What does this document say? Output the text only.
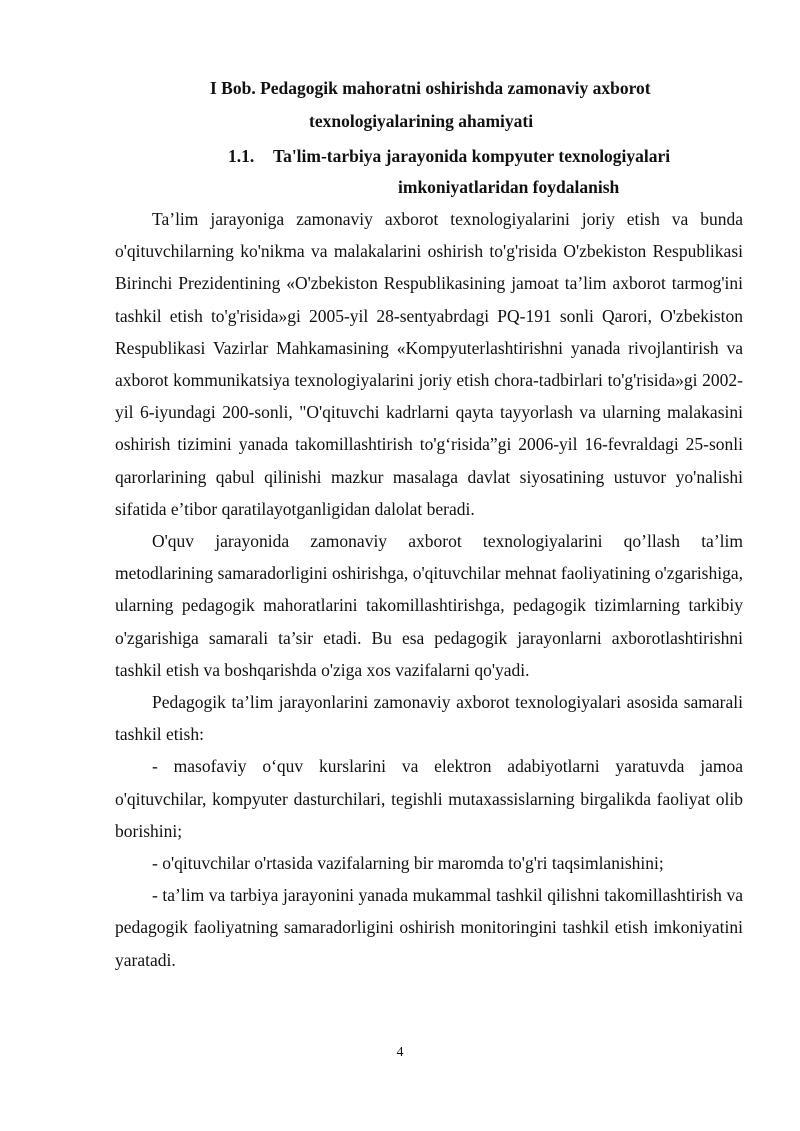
I Bob. Pedagogik mahoratni oshirishda zamonaviy axborot
texnologiyalarining ahamiyati
1.1. Ta'lim-tarbiya jarayonida kompyuter texnologiyalari
imkoniyatlaridan foydalanish

Ta’lim jarayoniga zamonaviy axborot texnologiyalarini joriy etish va bunda o'qituvchilarning ko'nikma va malakalarini oshirish to'g'risida O'zbekiston Respublikasi Birinchi Prezidentining «O'zbekiston Respublikasining jamoat ta’lim axborot tarmog'ini tashkil etish to'g'risida»gi 2005-yil 28-sentyabrdagi PQ-191 sonli Qarori, O'zbekiston Respublikasi Vazirlar Mahkamasining «Kompyuterlashtirishni yanada rivojlantirish va axborot kommunikatsiya texnologiyalarini joriy etish chora-tadbirlari to'g'risida»gi 2002-yil 6-iyundagi 200-sonli, "O'qituvchi kadrlarni qayta tayyorlash va ularning malakasini oshirish tizimini yanada takomillashtirish to'g‘risida”gi 2006-yil 16-fevraldagi 25-sonli qarorlarining qabul qilinishi mazkur masalaga davlat siyosatining ustuvor yo'nalishi sifatida e’tibor qaratilayotganligidan dalolat beradi.

O'quv jarayonida zamonaviy axborot texnologiyalarini qo’llash ta’lim metodlarining samaradorligini oshirishga, o'qituvchilar mehnat faoliyatining o'zgarishiga, ularning pedagogik mahoratlarini takomillashtirishga, pedagogik tizimlarning tarkibiy o'zgarishiga samarali ta’sir etadi. Bu esa pedagogik jarayonlarni axborotlashtirishni tashkil etish va boshqarishda o'ziga xos vazifalarni qo'yadi.

Pedagogik ta’lim jarayonlarini zamonaviy axborot texnologiyalari asosida samarali tashkil etish:

- masofaviy o‘quv kurslarini va elektron adabiyotlarni yaratuvda jamoa o'qituvchilar, kompyuter dasturchilari, tegishli mutaxassislarning birgalikda faoliyat olib borishini;

- o'qituvchilar o'rtasida vazifalarning bir maromda to'g'ri taqsimlanishini;

- ta’lim va tarbiya jarayonini yanada mukammal tashkil qilishni takomillashtirish va pedagogik faoliyatning samaradorligini oshirish monitoringini tashkil etish imkoniyatini yaratadi.

4
